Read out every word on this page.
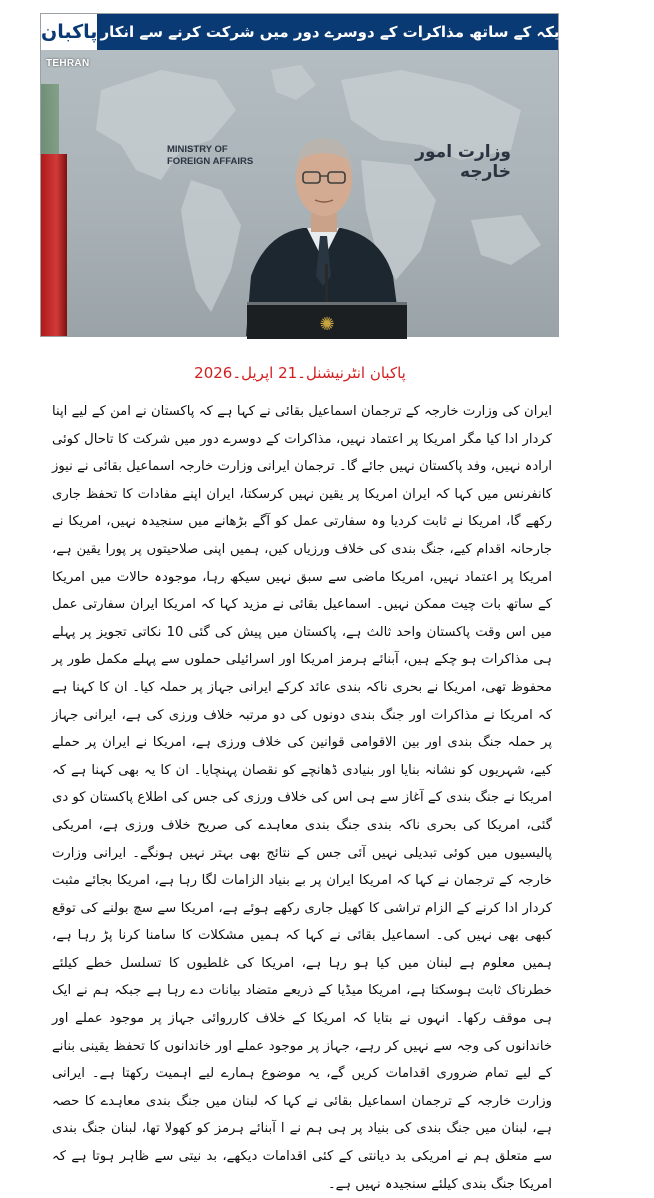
TEHRAN
MINISTRY OF
FOREIGN AFFAIRS	وزارت امور خارجه
✺
پاکبان ایران کا امریکہ کے ساتھ مذاکرات کے دوسرے دور میں شرکت کرنے سے انکار
پاکبان انٹرنیشنل۔21 اپریل۔2026
ایران کی وزارت خارجہ کے ترجمان اسماعیل بقائی نے کہا ہے کہ پاکستان نے امن کے لیے اپنا کردار ادا کیا مگر امریکا پر اعتماد نہیں، مذاکرات کے دوسرے دور میں شرکت کا تاحال کوئی ارادہ نہیں، وفد پاکستان نہیں جائے گا۔ ترجمان ایرانی وزارت خارجہ اسماعیل بقائی نے نیوز کانفرنس میں کہا کہ ایران امریکا پر یقین نہیں کرسکتا، ایران اپنے مفادات کا تحفظ جاری رکھے گا، امریکا نے ثابت کردیا وہ سفارتی عمل کو آگے بڑھانے میں سنجیدہ نہیں، امریکا نے جارحانہ اقدام کیے، جنگ بندی کی خلاف ورزیاں کیں، ہمیں اپنی صلاحیتوں پر پورا یقین ہے، امریکا پر اعتماد نہیں، امریکا ماضی سے سبق نہیں سیکھ رہا، موجودہ حالات میں امریکا کے ساتھ بات چیت ممکن نہیں۔ اسماعیل بقائی نے مزید کہا کہ امریکا ایران سفارتی عمل میں اس وقت پاکستان واحد ثالث ہے، پاکستان میں پیش کی گئی 10 نکاتی تجویز پر پہلے ہی مذاکرات ہو چکے ہیں، آبنائے ہرمز امریکا اور اسرائیلی حملوں سے پہلے مکمل طور پر محفوظ تھی، امریکا نے بحری ناکہ بندی عائد کرکے ایرانی جہاز پر حملہ کیا۔ ان کا کہنا ہے کہ امریکا نے مذاکرات اور جنگ بندی دونوں کی دو مرتبہ خلاف ورزی کی ہے، ایرانی جہاز پر حملہ جنگ بندی اور بین الاقوامی قوانین کی خلاف ورزی ہے، امریکا نے ایران پر حملے کیے، شہریوں کو نشانہ بنایا اور بنیادی ڈھانچے کو نقصان پہنچایا۔ ان کا یہ بھی کہنا ہے کہ امریکا نے جنگ بندی کے آغاز سے ہی اس کی خلاف ورزی کی جس کی اطلاع پاکستان کو دی گئی، امریکا کی بحری ناکہ بندی جنگ بندی معاہدے کی صریح خلاف ورزی ہے، امریکی پالیسیوں میں کوئی تبدیلی نہیں آئی جس کے نتائج بھی بہتر نہیں ہونگے۔ ایرانی وزارت خارجہ کے ترجمان نے کہا کہ امریکا ایران پر بے بنیاد الزامات لگا رہا ہے، امریکا بجائے مثبت کردار ادا کرنے کے الزام تراشی کا کھیل جاری رکھے ہوئے ہے، امریکا سے سچ بولنے کی توقع کبھی بھی نہیں کی۔ اسماعیل بقائی نے کہا کہ ہمیں مشکلات کا سامنا کرنا پڑ رہا ہے، ہمیں معلوم ہے لبنان میں کیا ہو رہا ہے، امریکا کی غلطیوں کا تسلسل خطے کیلئے خطرناک ثابت ہوسکتا ہے، امریکا میڈیا کے ذریعے متضاد بیانات دے رہا ہے جبکہ ہم نے ایک ہی موقف رکھا۔ انہوں نے بتایا کہ امریکا کے خلاف کارروائی جہاز پر موجود عملے اور خاندانوں کی وجہ سے نہیں کر رہے، جہاز پر موجود عملے اور خاندانوں کا تحفظ یقینی بنانے کے لیے تمام ضروری اقدامات کریں گے، یہ موضوع ہمارے لیے اہمیت رکھتا ہے۔ ایرانی وزارت خارجہ کے ترجمان اسماعیل بقائی نے کہا کہ لبنان میں جنگ بندی معاہدے کا حصہ ہے، لبنان میں جنگ بندی کی بنیاد پر ہی ہم نے ا آبنائے ہرمز کو کھولا تھا، لبنان جنگ بندی سے متعلق ہم نے امریکی بد دیانتی کے کئی اقدامات دیکھے، بد نیتی سے ظاہر ہوتا ہے کہ امریکا جنگ بندی کیلئے سنجیدہ نہیں ہے۔
